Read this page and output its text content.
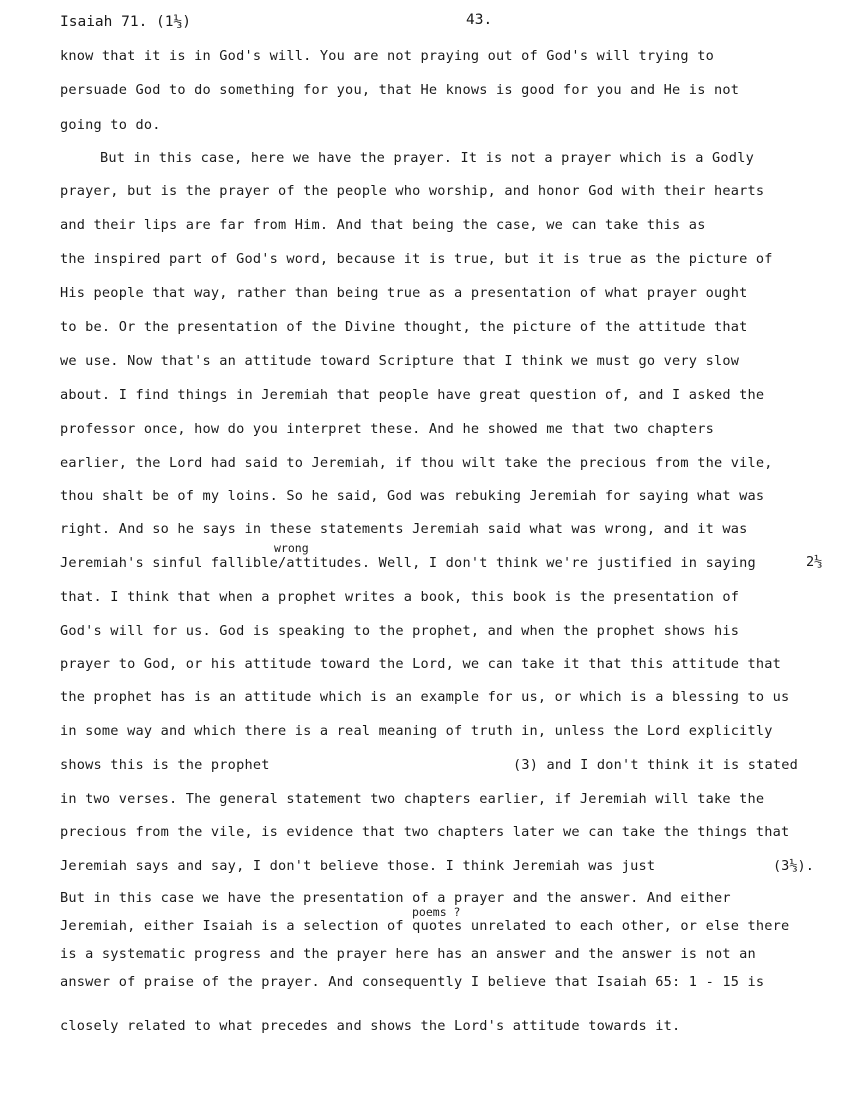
Isaiah 71. (1⅓)	43.
know that it is in God's will. You are not praying out of God's will trying to
persuade God to do something for you, that He knows is good for you and He is not
going to do.
But in this case, here we have the prayer. It is not a prayer which is a Godly
prayer, but is the prayer of the people who worship, and honor God with their hearts
and their lips are far from Him. And that being the case, we can take this as
the inspired part of God's word, because it is true, but it is true as the picture of
His people that way, rather than being true as a presentation of what prayer ought
to be. Or the presentation of the Divine thought, the picture of the attitude that
we use. Now that's an attitude toward Scripture that I think we must go very slow
about. I find things in Jeremiah that people have great question of, and I asked the
professor once, how do you interpret these. And he showed me that two chapters
earlier, the Lord had said to Jeremiah, if thou wilt take the precious from the vile,
thou shalt be of my loins. So he said, God was rebuking Jeremiah for saying what was
right. And so he says in these statements Jeremiah said what was wrong, and it was
wrong
Jeremiah's sinful fallible/attitudes. Well, I don't think we're justified in saying	2⅓
that. I think that when a prophet writes a book, this book is the presentation of
God's will for us. God is speaking to the prophet, and when the prophet shows his
prayer to God, or his attitude toward the Lord, we can take it that this attitude that
the prophet has is an attitude which is an example for us, or which is a blessing to us
in some way and which there is a real meaning of truth in, unless the Lord explicitly
shows this is the prophet	(3) and I don't think it is stated
in two verses. The general statement two chapters earlier, if Jeremiah will take the
precious from the vile, is evidence that two chapters later we can take the things that
Jeremiah says and say, I don't believe those. I think Jeremiah was just	(3⅓).
But in this case we have the presentation of a prayer and the answer. And either
poems ?
Jeremiah, either Isaiah is a selection of quotes unrelated to each other, or else there
is a systematic progress and the prayer here has an answer and the answer is not an
answer of praise of the prayer. And consequently I believe that Isaiah 65: 1 - 15 is
closely related to what precedes and shows the Lord's attitude towards it.
